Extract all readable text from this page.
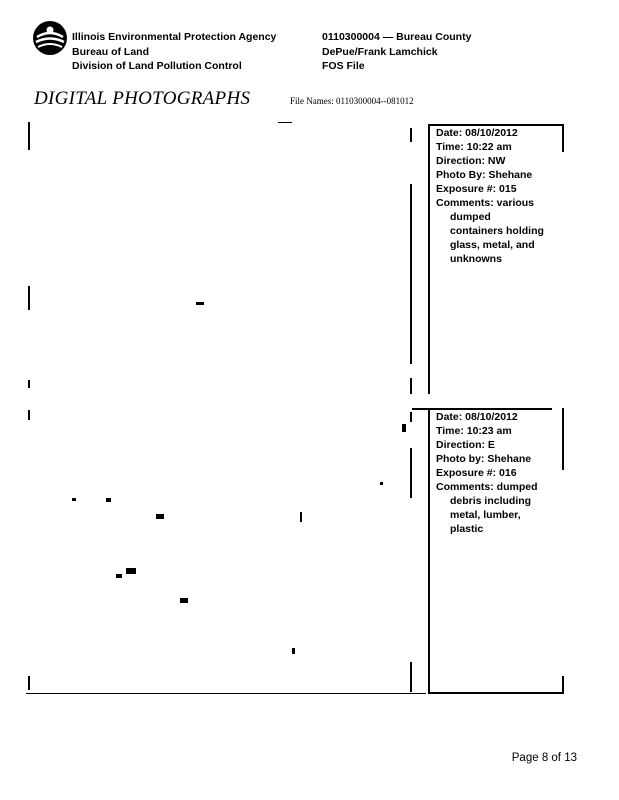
Illinois Environmental Protection Agency
Bureau of Land
Division of Land Pollution Control
0110300004 — Bureau County
DePue/Frank Lamchick
FOS File
DIGITAL PHOTOGRAPHS	File Names: 0110300004--081012
Date: 08/10/2012
Time: 10:22 am
Direction: NW
Photo By: Shehane
Exposure #: 015
Comments: various
dumped
containers holding
glass, metal, and
unknowns
Date: 08/10/2012
Time: 10:23 am
Direction: E
Photo by: Shehane
Exposure #: 016
Comments: dumped
debris including
metal, lumber,
plastic
Page 8 of 13
